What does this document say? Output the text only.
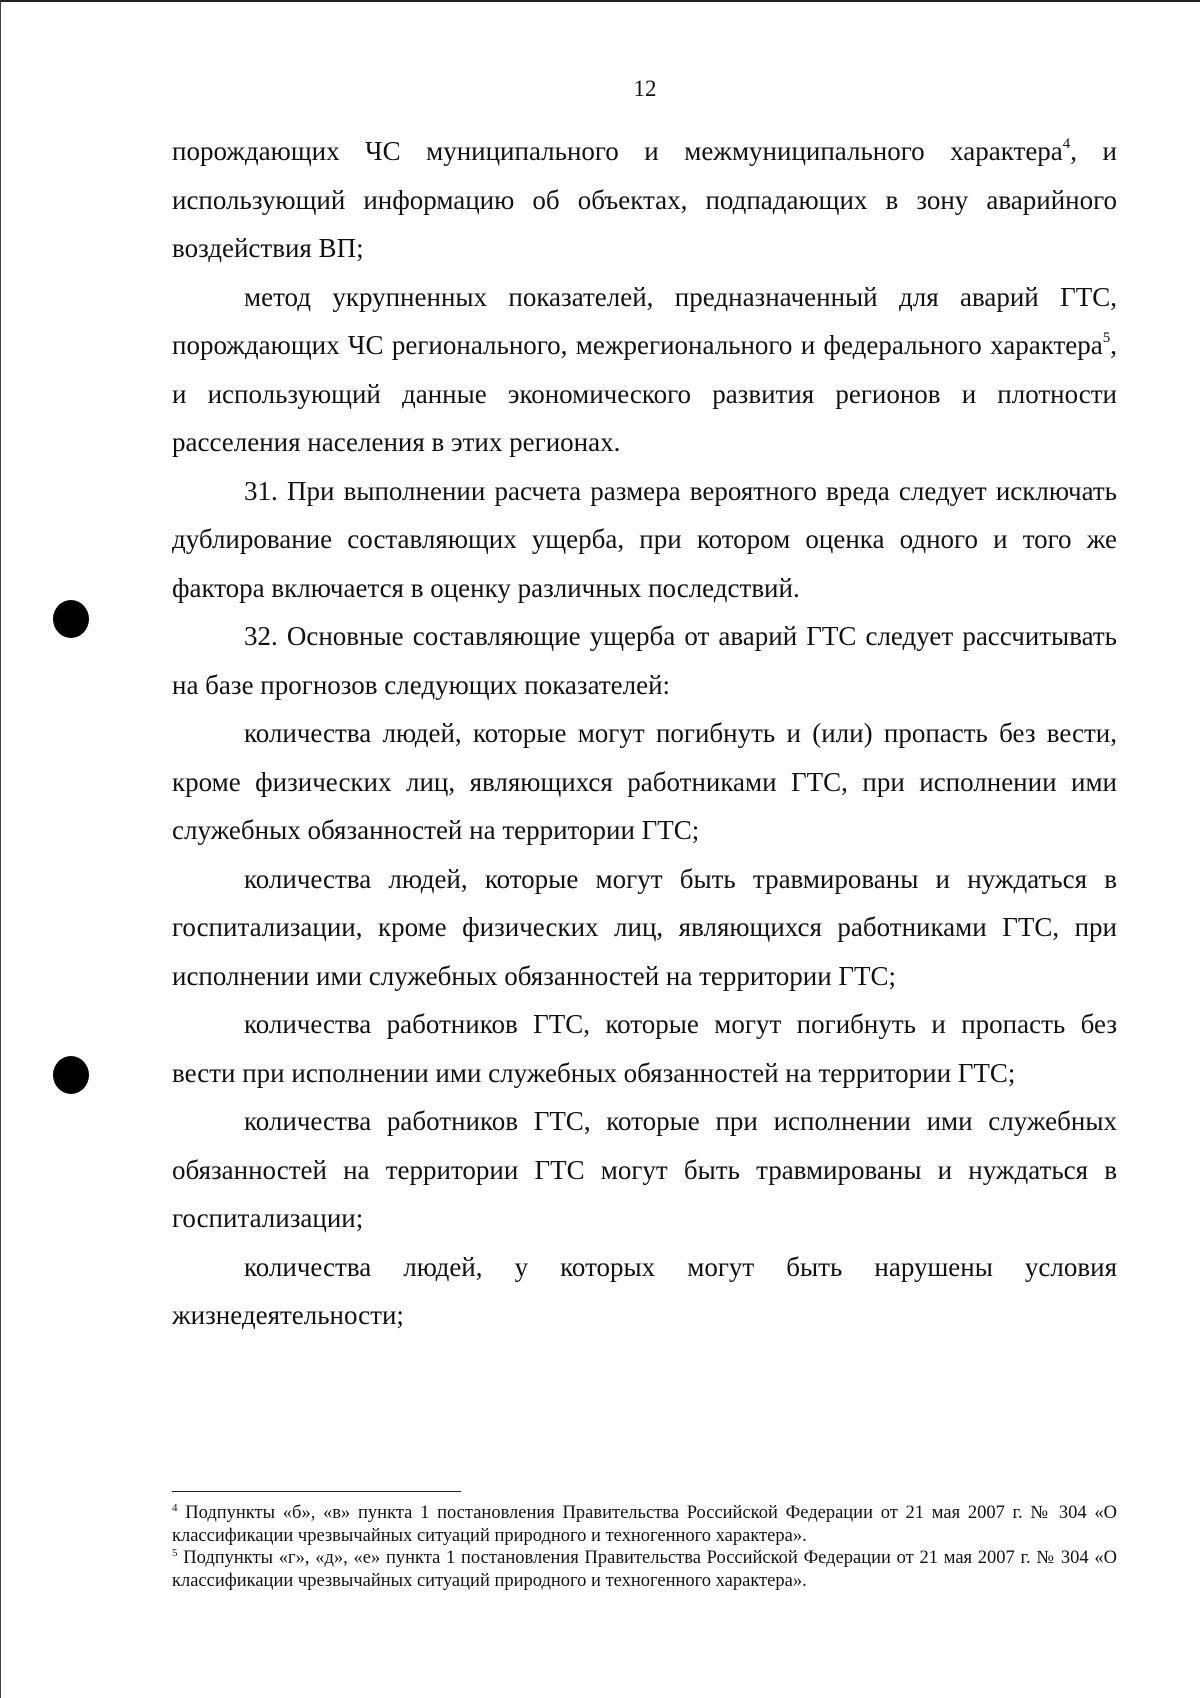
12

порождающих ЧС муниципального и межмуниципального характера$^4$, и использующий информацию об объектах, подпадающих в зону аварийного воздействия ВП;

метод укрупненных показателей, предназначенный для аварий ГТС, порождающих ЧС регионального, межрегионального и федерального характера$^5$, и использующий данные экономического развития регионов и плотности расселения населения в этих регионах.

31. При выполнении расчета размера вероятного вреда следует исключать дублирование составляющих ущерба, при котором оценка одного и того же фактора включается в оценку различных последствий.

32. Основные составляющие ущерба от аварий ГТС следует рассчитывать на базе прогнозов следующих показателей:

количества людей, которые могут погибнуть и (или) пропасть без вести, кроме физических лиц, являющихся работниками ГТС, при исполнении ими служебных обязанностей на территории ГТС;

количества людей, которые могут быть травмированы и нуждаться в госпитализации, кроме физических лиц, являющихся работниками ГТС, при исполнении ими служебных обязанностей на территории ГТС;

количества работников ГТС, которые могут погибнуть и пропасть без вести при исполнении ими служебных обязанностей на территории ГТС;

количества работников ГТС, которые при исполнении ими служебных обязанностей на территории ГТС могут быть травмированы и нуждаться в госпитализации;

количества людей, у которых могут быть нарушены условия жизнедеятельности;

$^4$ Подпункты «б», «в» пункта 1 постановления Правительства Российской Федерации от 21 мая 2007 г. № 304 «О классификации чрезвычайных ситуаций природного и техногенного характера».

$^5$ Подпункты «г», «д», «е» пункта 1 постановления Правительства Российской Федерации от 21 мая 2007 г. № 304 «О классификации чрезвычайных ситуаций природного и техногенного характера».
